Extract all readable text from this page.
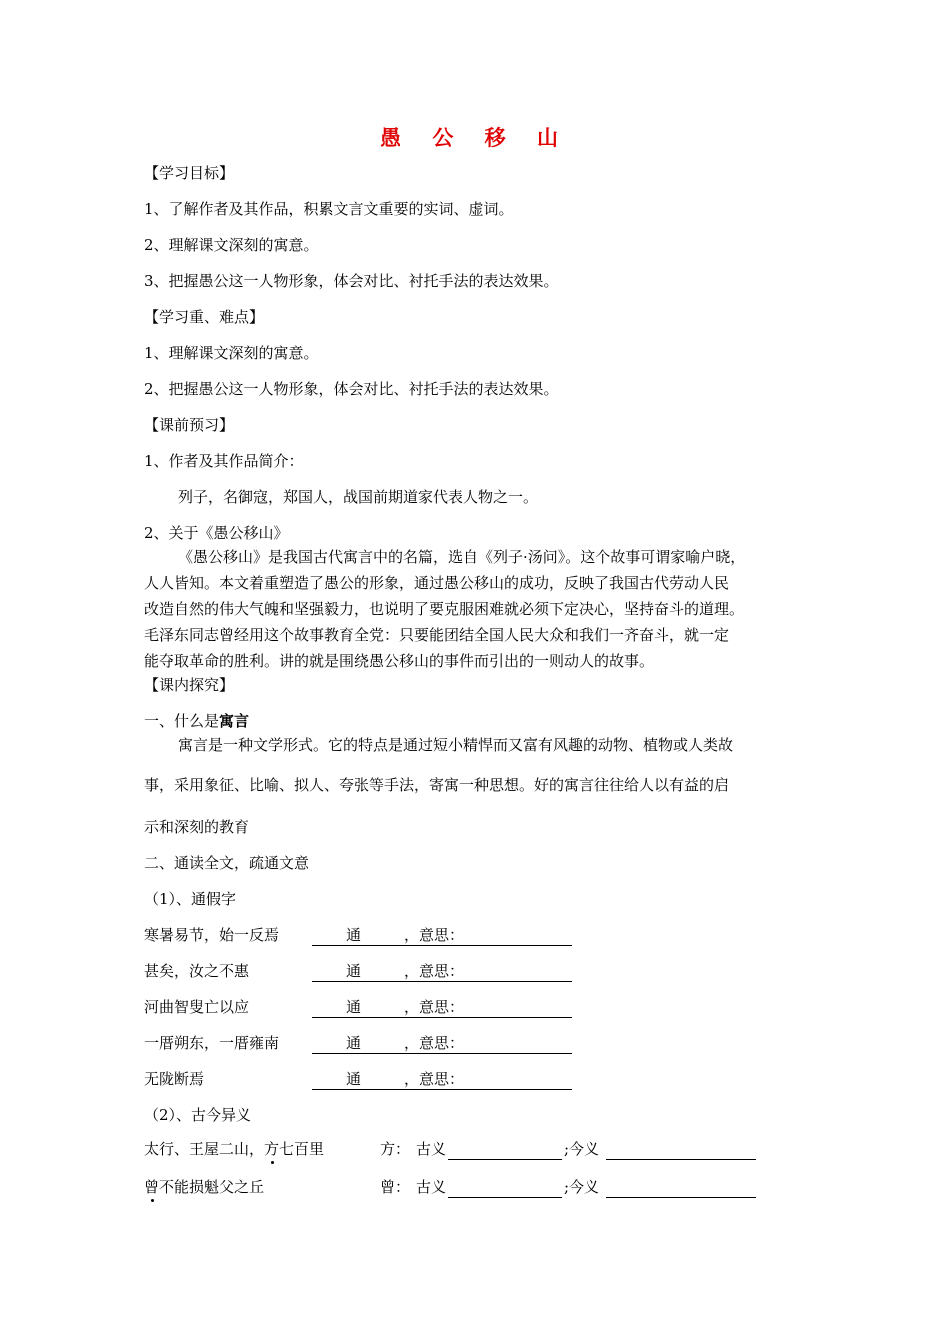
愚 公 移 山
【学习目标】
1、了解作者及其作品，积累文言文重要的实词、虚词。
2、理解课文深刻的寓意。
3、把握愚公这一人物形象，体会对比、衬托手法的表达效果。
【学习重、难点】
1、理解课文深刻的寓意。
2、把握愚公这一人物形象，体会对比、衬托手法的表达效果。
【课前预习】
1、作者及其作品简介：
列子，名御寇，郑国人，战国前期道家代表人物之一。
2、关于《愚公移山》
《愚公移山》是我国古代寓言中的名篇，选自《列子·汤问》。这个故事可谓家喻户晓，
人人皆知。本文着重塑造了愚公的形象，通过愚公移山的成功，反映了我国古代劳动人民
改造自然的伟大气魄和坚强毅力，也说明了要克服困难就必须下定决心，坚持奋斗的道理。
毛泽东同志曾经用这个故事教育全党：只要能团结全国人民大众和我们一齐奋斗，就一定
能夺取革命的胜利。讲的就是围绕愚公移山的事件而引出的一则动人的故事。
【课内探究】
一、什么是寓言
寓言是一种文学形式。它的特点是通过短小精悍而又富有风趣的动物、植物或人类故
事，采用象征、比喻、拟人、夸张等手法，寄寓一种思想。好的寓言往往给人以有益的启
示和深刻的教育
二、通读全文，疏通文意
（1）、通假字
寒暑易节，始一反焉	通	，意思：
甚矣，汝之不惠	通	，意思：
河曲智叟亡以应	通	，意思：
一厝朔东，一厝雍南	通	，意思：
无陇断焉	通	，意思：
（2）、古今异义
太行、王屋二山，方七百里	方： 古义	;今义
曾不能损魁父之丘	曾： 古义	;今义
